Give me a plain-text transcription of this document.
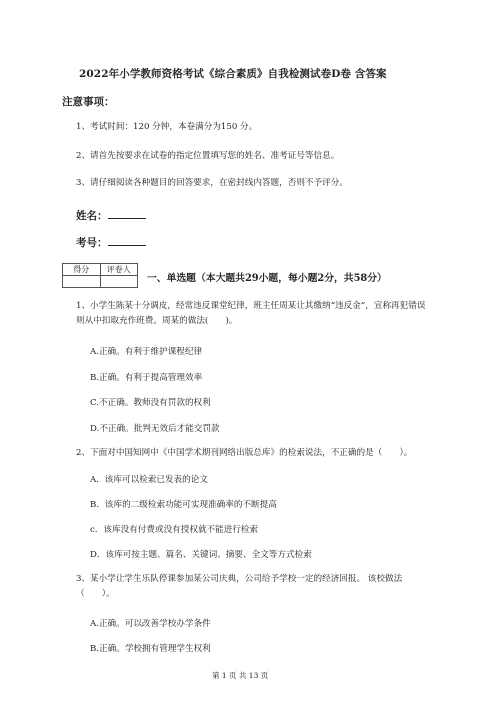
2022年小学教师资格考试《综合素质》自我检测试卷D卷 含答案
注意事项：
1、考试时间：120 分钟，本卷满分为150 分。
2、请首先按要求在试卷的指定位置填写您的姓名、准考证号等信息。
3、请仔细阅读各种题目的回答要求，在密封线内答题，否则不予评分。
姓名：
考号：
得分	评卷人
一、单选题（本大题共29小题，每小题2分，共58分）
1、小学生陈某十分调皮，经常违反课堂纪律，班主任周某让其缴纳“违反金”，宣称再犯错误则从中扣取充作班费。周某的做法(　　)。
A.正确。有利于维护课程纪律
B.正确。有利于提高管理效率
C.不正确。教师没有罚款的权利
D.不正确。批判无效后才能交罚款
2、下面对中国知网中《中国学术期刊网络出版总库》的检索说法，不正确的是（　　）。
A．该库可以检索已发表的论文
B．该库的二级检索功能可实现准确率的不断提高
c．该库没有付费或没有授权就不能进行检索
D．该库可按主题、篇名、关键词、摘要、全文等方式检索
3、某小学让学生乐队停课参加某公司庆典，公司给予学校一定的经济回报。 该校做法（　　）。
A.正确。可以改善学校办学条件
B.正确。学校拥有管理学生权利
第 1 页 共 13 页
